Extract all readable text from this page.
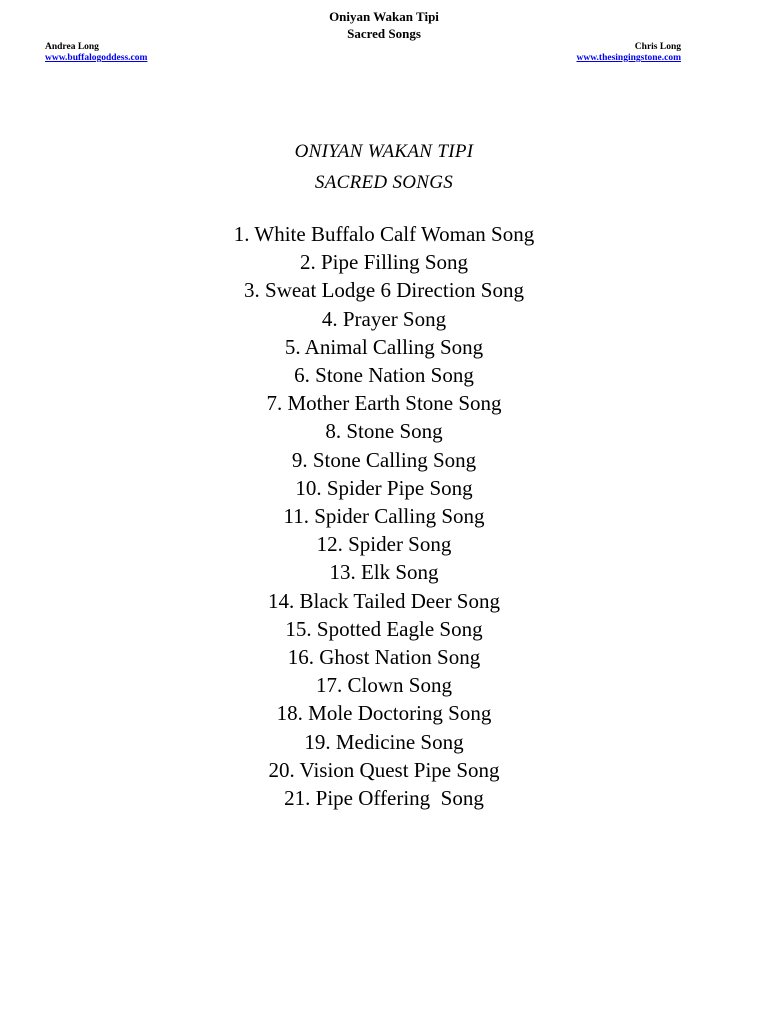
Oniyan Wakan Tipi
Sacred Songs
Andrea Long
www.buffalogoddess.com
Chris Long
www.thesingingstone.com
ONIYAN WAKAN TIPI
SACRED SONGS
1. White Buffalo Calf Woman Song
2. Pipe Filling Song
3. Sweat Lodge 6 Direction Song
4. Prayer Song
5. Animal Calling Song
6. Stone Nation Song
7. Mother Earth Stone Song
8. Stone Song
9. Stone Calling Song
10. Spider Pipe Song
11. Spider Calling Song
12. Spider Song
13. Elk Song
14. Black Tailed Deer Song
15. Spotted Eagle Song
16. Ghost Nation Song
17. Clown Song
18. Mole Doctoring Song
19. Medicine Song
20. Vision Quest Pipe Song
21. Pipe Offering  Song
